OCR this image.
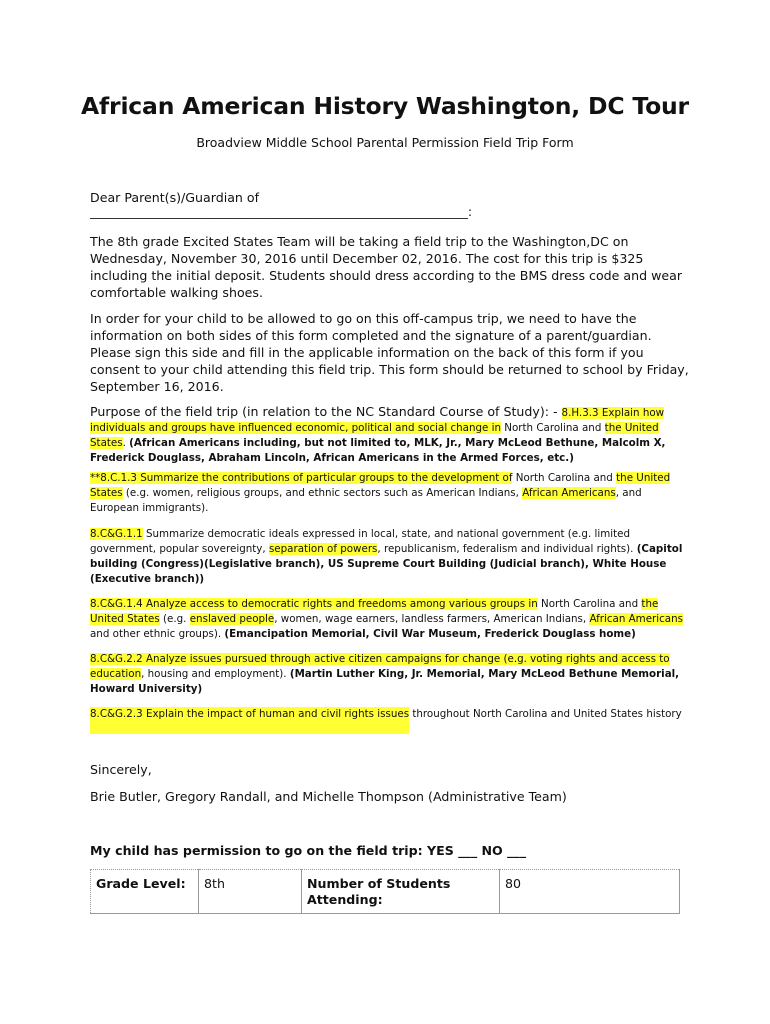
African American History Washington, DC Tour
Broadview Middle School Parental Permission Field Trip Form

Dear Parent(s)/Guardian of

____________________________________________________________:

The 8th grade Excited States Team will be taking a field trip to the Washington,DC on Wednesday, November 30, 2016 until December 02, 2016. The cost for this trip is $325 including the initial deposit. Students should dress according to the BMS dress code and wear comfortable walking shoes.

In order for your child to be allowed to go on this off-campus trip, we need to have the information on both sides of this form completed and the signature of a parent/guardian. Please sign this side and fill in the applicable information on the back of this form if you consent to your child attending this field trip. This form should be returned to school by Friday, September 16, 2016.

Purpose of the field trip (in relation to the NC Standard Course of Study): - 8.H.3.3 Explain how individuals and groups have influenced economic, political and social change in North Carolina and the United States. (African Americans including, but not limited to, MLK, Jr., Mary McLeod Bethune, Malcolm X, Frederick Douglass, Abraham Lincoln, African Americans in the Armed Forces, etc.)

**8.C.1.3 Summarize the contributions of particular groups to the development of North Carolina and the United States (e.g. women, religious groups, and ethnic sectors such as American Indians, African Americans, and European immigrants).

8.C&G.1.1 Summarize democratic ideals expressed in local, state, and national government (e.g. limited government, popular sovereignty, separation of powers, republicanism, federalism and individual rights). (Capitol building (Congress)(Legislative branch), US Supreme Court Building (Judicial branch), White House (Executive branch))

8.C&G.1.4 Analyze access to democratic rights and freedoms among various groups in North Carolina and the United States (e.g. enslaved people, women, wage earners, landless farmers, American Indians, African Americans and other ethnic groups). (Emancipation Memorial, Civil War Museum, Frederick Douglass home)

8.C&G.2.2 Analyze issues pursued through active citizen campaigns for change (e.g. voting rights and access to education, housing and employment). (Martin Luther King, Jr. Memorial, Mary McLeod Bethune Memorial, Howard University)

8.C&G.2.3 Explain the impact of human and civil rights issues throughout North Carolina and United States history

Sincerely,

Brie Butler, Gregory Randall, and Michelle Thompson (Administrative Team)

My child has permission to go on the field trip: YES ___ NO ___

Grade Level:	8th	Number of Students Attending:	80
